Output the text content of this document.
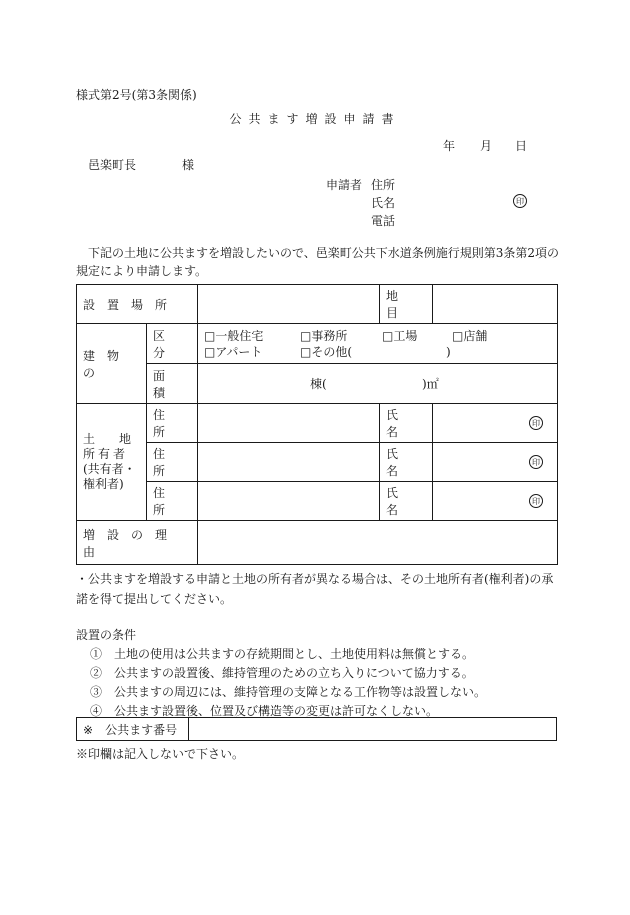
様式第2号(第3条関係)
公共ます増設申請書
年 月 日
邑楽町長	様
申請者 住所
氏名	印
電話
　下記の土地に公共ますを増設したいので、邑楽町公共下水道条例施行規則第3条第2項の規定により申請します。
設置場所			地目	
建物の	区分	□一般住宅 □事務所 □工場 □店舗
□アパート □その他( )		

	面積	棟( )㎡		

土　　地
所有者
(共有者・
権利者)	住所		氏名	印

	住所		氏名	印

	住所		氏名	印

増設の理由				
・公共ますを増設する申請と土地の所有者が異なる場合は、その土地所有者(権利者)の承諾を得て提出してください。
設置の条件
①　土地の使用は公共ますの存続期間とし、土地使用料は無償とする。
②　公共ますの設置後、維持管理のための立ち入りについて協力する。
③　公共ますの周辺には、維持管理の支障となる工作物等は設置しない。
④　公共ます設置後、位置及び構造等の変更は許可なくしない。
※ 公共ます番号	
※印欄は記入しないで下さい。
